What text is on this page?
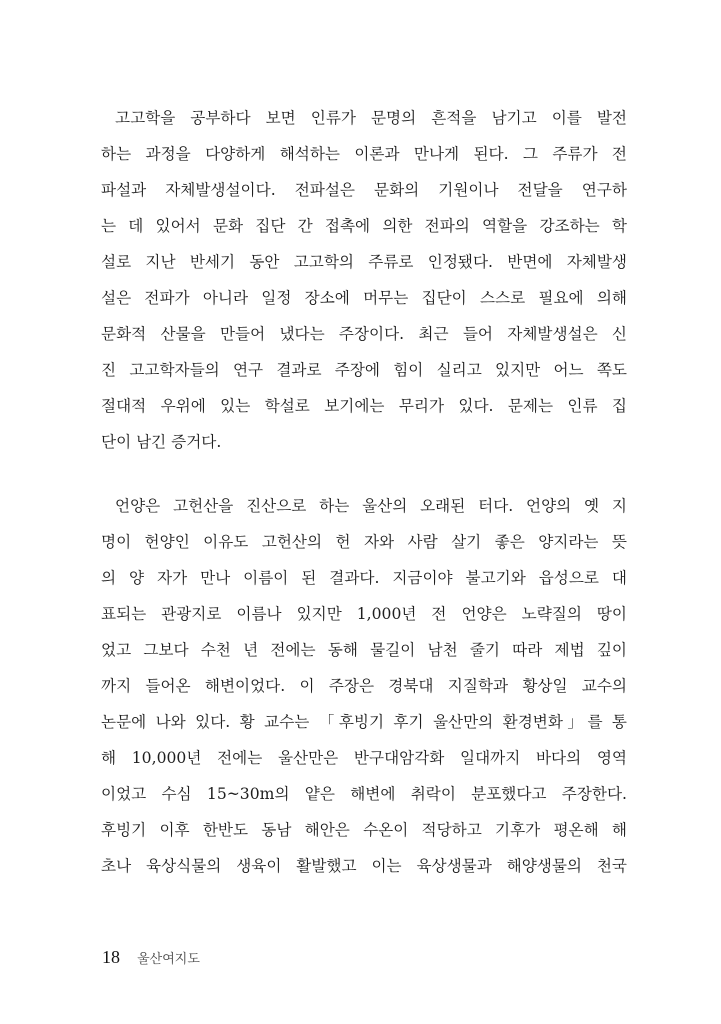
고고학을 공부하다 보면 인류가 문명의 흔적을 남기고 이를 발전
하는 과정을 다양하게 해석하는 이론과 만나게 된다. 그 주류가 전
파설과 자체발생설이다. 전파설은 문화의 기원이나 전달을 연구하
는 데 있어서 문화 집단 간 접촉에 의한 전파의 역할을 강조하는 학
설로 지난 반세기 동안 고고학의 주류로 인정됐다. 반면에 자체발생
설은 전파가 아니라 일정 장소에 머무는 집단이 스스로 필요에 의해
문화적 산물을 만들어 냈다는 주장이다. 최근 들어 자체발생설은 신
진 고고학자들의 연구 결과로 주장에 힘이 실리고 있지만 어느 쪽도
절대적 우위에 있는 학설로 보기에는 무리가 있다. 문제는 인류 집
단이 남긴 증거다.
언양은 고헌산을 진산으로 하는 울산의 오래된 터다. 언양의 옛 지
명이 헌양인 이유도 고헌산의 헌 자와 사람 살기 좋은 양지라는 뜻
의 양 자가 만나 이름이 된 결과다. 지금이야 불고기와 읍성으로 대
표되는 관광지로 이름나 있지만 1,000년 전 언양은 노략질의 땅이
었고 그보다 수천 년 전에는 동해 물길이 남천 줄기 따라 제법 깊이
까지 들어온 해변이었다. 이 주장은 경북대 지질학과 황상일 교수의
논문에 나와 있다. 황 교수는 「후빙기 후기 울산만의 환경변화」를 통
해 10,000년 전에는 울산만은 반구대암각화 일대까지 바다의 영역
이었고 수심 15~30m의 얕은 해변에 취락이 분포했다고 주장한다.
후빙기 이후 한반도 동남 해안은 수온이 적당하고 기후가 평온해 해
초나 육상식물의 생육이 활발했고 이는 육상생물과 해양생물의 천국
18 울산여지도
